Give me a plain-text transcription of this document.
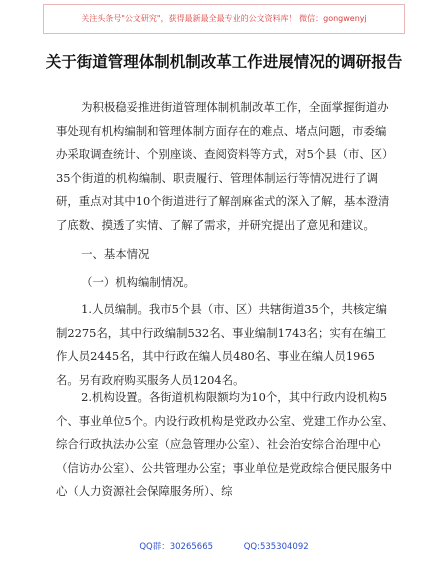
关注头条号"公文研究"，获得最新最全最专业的公文资料库！ 微信：gongwenyj
关于街道管理体制机制改革工作进展情况的调研报告

为积极稳妥推进街道管理体制机制改革工作，全面掌握街道办事处现有机构编制和管理体制方面存在的难点、堵点问题，市委编办采取调查统计、个别座谈、查阅资料等方式，对5个县（市、区）35个街道的机构编制、职责履行、管理体制运行等情况进行了调研，重点对其中10个街道进行了解剖麻雀式的深入了解，基本澄清了底数、摸透了实情、了解了需求，并研究提出了意见和建议。

一、基本情况

（一）机构编制情况。

1.人员编制。我市5个县（市、区）共辖街道35个，共核定编制2275名，其中行政编制532名、事业编制1743名；实有在编工作人员2445名，其中行政在编人员480名、事业在编人员1965名。另有政府购买服务人员1204名。

2.机构设置。各街道机构限额均为10个，其中行政内设机构5个、事业单位5个。内设行政机构是党政办公室、党建工作办公室、综合行政执法办公室（应急管理办公室）、社会治安综合治理中心（信访办公室）、公共管理办公室；事业单位是党政综合便民服务中心（人力资源社会保障服务所）、综

QQ群：30265665	QQ:535304092
